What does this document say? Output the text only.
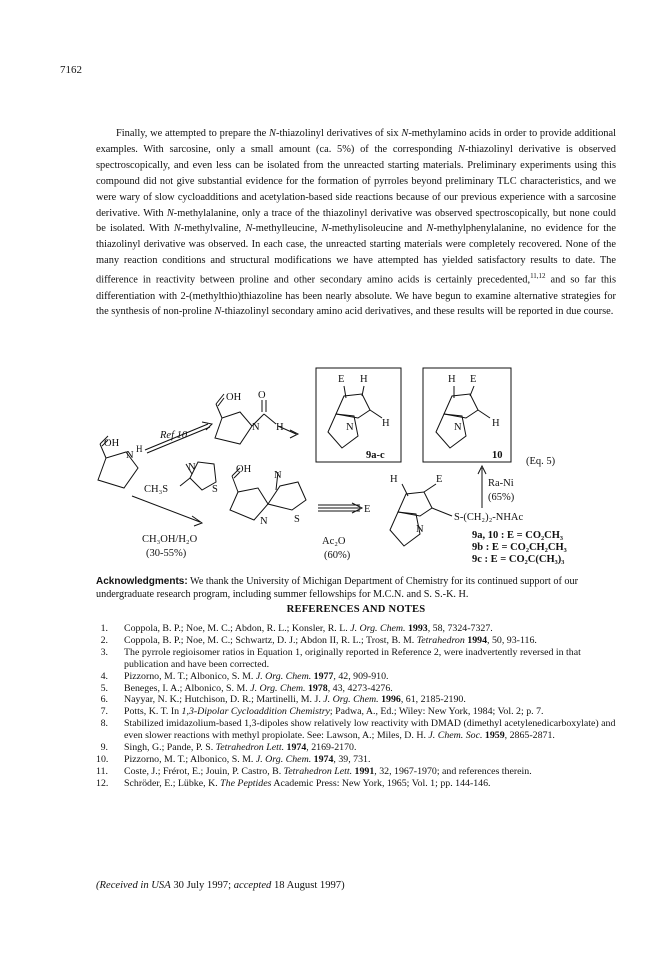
7162

Finally, we attempted to prepare the N-thiazolinyl derivatives of six N-methylamino acids in order to provide additional examples. With sarcosine, only a small amount (ca. 5%) of the corresponding N-thiazolinyl derivative is observed spectroscopically, and even less can be isolated from the unreacted starting materials. Preliminary experiments using this compound did not give substantial evidence for the formation of pyrroles beyond preliminary TLC characteristics, and we were wary of slow cycloadditions and acetylation-based side reactions because of our previous experience with a sarcosine derivative. With N-methylalanine, only a trace of the thiazolinyl derivative was observed spectroscopically, but none could be isolated. With N-methylvaline, N-methylleucine, N-methylisoleucine and N-methylphenylalanine, no evidence for the thiazolinyl derivative was observed. In each case, the unreacted starting materials were completely recovered. None of the many reaction conditions and structural modifications we have attempted has yielded satisfactory results to date. The difference in reactivity between proline and other secondary amino acids is certainly precedented,$^{11,12}$ and so far this differentiation with 2-(methylthio)thiazoline has been nearly absolute. We have begun to examine alternative strategies for the synthesis of non-proline N-thiazolinyl secondary amino acid derivatives, and these results will be reported in due course.

OH
N
H
Ref 10
OH O
N H
E H
N	H
9a-c
H E
N	H
10
(Eq. 5)
N
CH₃S	S
CH₃OH/H₂O
(30-55%)
OH
N
N
S
E
Ac₂O
(60%)
H	E
N
S-(CH₂)₂-NHAc
Ra-Ni
(65%)
9a, 10 : E = CO₂CH₃
9b : E = CO₂CH₂CH₃
9c : E = CO₂C(CH₃)₃

Acknowledgments: We thank the University of Michigan Department of Chemistry for its continued support of our undergraduate research program, including summer fellowships for M.C.N. and S. S.-K. H.

REFERENCES AND NOTES

1. Coppola, B. P.; Noe, M. C.; Abdon, R. L.; Konsler, R. L. J. Org. Chem. 1993, 58, 7324-7327.
2. Coppola, B. P.; Noe, M. C.; Schwartz, D. J.; Abdon II, R. L.; Trost, B. M. Tetrahedron 1994, 50, 93-116.
3. The pyrrole regioisomer ratios in Equation 1, originally reported in Reference 2, were inadvertently reversed in that publication and have been corrected.
4. Pizzorno, M. T.; Albonico, S. M. J. Org. Chem. 1977, 42, 909-910.
5. Beneges, I. A.; Albonico, S. M. J. Org. Chem. 1978, 43, 4273-4276.
6. Nayyar, N. K.; Hutchison, D. R.; Martinelli, M. J. J. Org. Chem. 1996, 61, 2185-2190.
7. Potts, K. T. In 1,3-Dipolar Cycloaddition Chemistry; Padwa, A., Ed.; Wiley: New York, 1984; Vol. 2; p. 7.
8. Stabilized imidazolium-based 1,3-dipoles show relatively low reactivity with DMAD (dimethyl acetylenedicarboxylate) and even slower reactions with methyl propiolate. See: Lawson, A.; Miles, D. H. J. Chem. Soc. 1959, 2865-2871.
9. Singh, G.; Pande, P. S. Tetrahedron Lett. 1974, 2169-2170.
10. Pizzorno, M. T.; Albonico, S. M. J. Org. Chem. 1974, 39, 731.
11. Coste, J.; Frérot, E.; Jouin, P. Castro, B. Tetrahedron Lett. 1991, 32, 1967-1970; and references therein.
12. Schröder, E.; Lübke, K. The Peptides Academic Press: New York, 1965; Vol. 1; pp. 144-146.

(Received in USA 30 July 1997; accepted 18 August 1997)
